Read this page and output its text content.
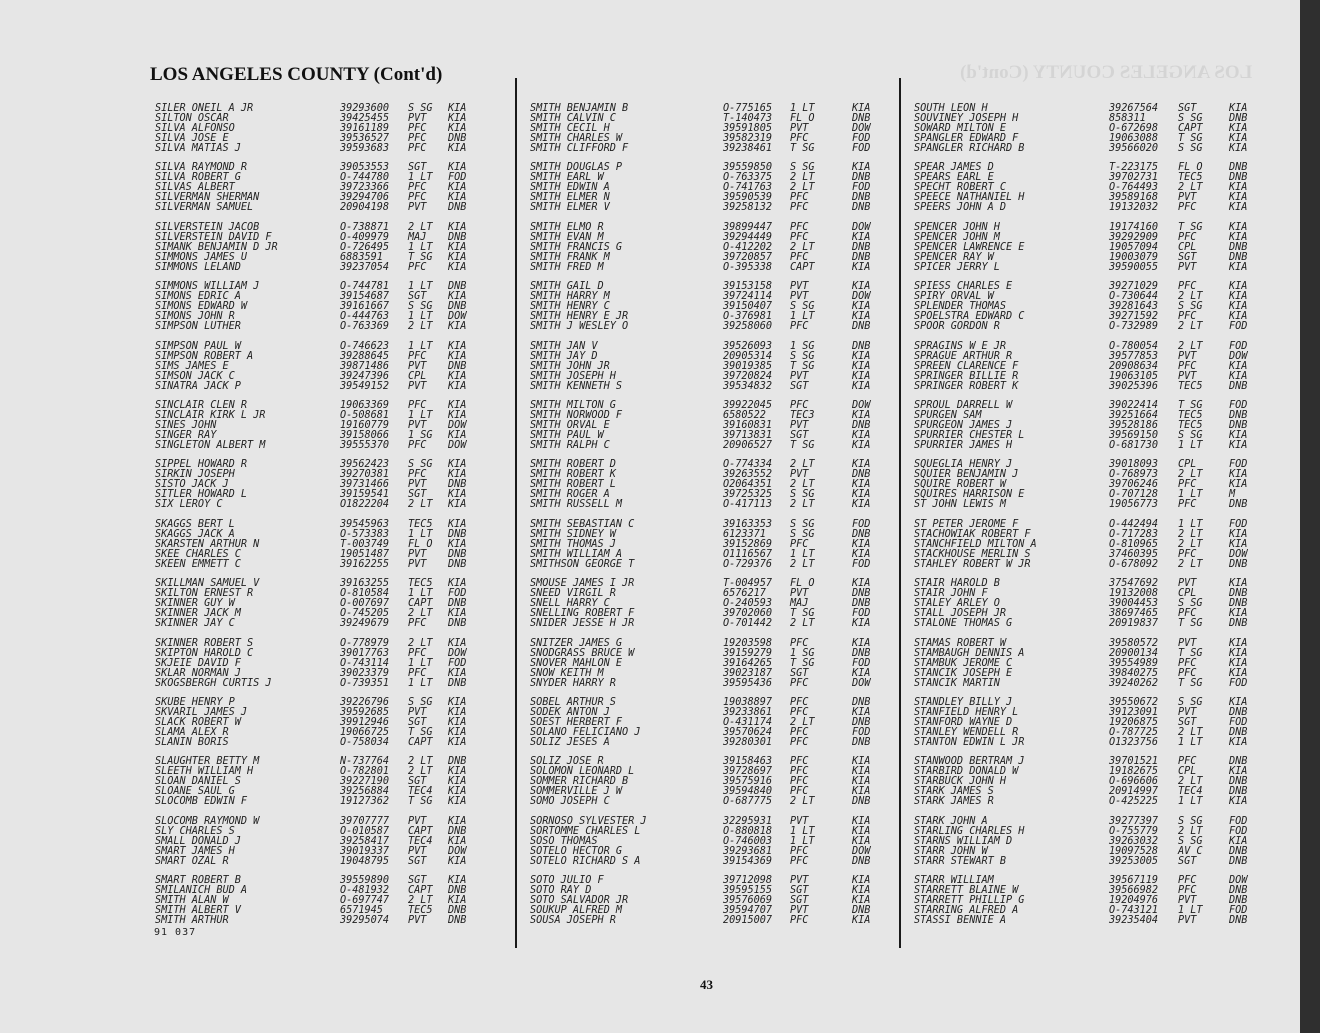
LOS ANGELES COUNTY (Cont'd)
LOS ANGELES COUNTY (Cont'd)
SILER ONEIL A JR	39293600 S SG KIA
SILTON OSCAR	39425455 PVT KIA
SILVA ALFONSO	39161189 PFC KIA
SILVA JOSE E	39536527 PFC DNB
SILVA MATIAS J	39593683 PFC KIA
SILVA RAYMOND R	39053553 SGT KIA
SILVA ROBERT G	O-744780 1 LT FOD
SILVAS ALBERT	39723366 PFC KIA
SILVERMAN SHERMAN	39294706 PFC KIA
SILVERMAN SAMUEL	20904198 PVT DNB
SILVERSTEIN JACOB	O-738871 2 LT KIA
SILVERSTEIN DAVID F	O-409979 MAJ DNB
SIMANK BENJAMIN D JR	O-726495 1 LT KIA
SIMMONS JAMES U	6883591 T SG KIA
SIMMONS LELAND	39237054 PFC KIA
SIMMONS WILLIAM J	O-744781 1 LT DNB
SIMONS EDRIC A	39154687 SGT KIA
SIMONS EDWARD W	39161667 S SG DNB
SIMONS JOHN R	O-444763 1 LT DOW
SIMPSON LUTHER	O-763369 2 LT KIA
SIMPSON PAUL W	O-746623 1 LT KIA
SIMPSON ROBERT A	39288645 PFC KIA
SIMS JAMES E	39871486 PVT DNB
SIMSON JACK C	39247396 CPL KIA
SINATRA JACK P	39549152 PVT KIA
SINCLAIR CLEN R	19063369 PFC KIA
SINCLAIR KIRK L JR	O-508681 1 LT KIA
SINES JOHN	19160779 PVT DOW
SINGER RAY	39158066 1 SG KIA
SINGLETON ALBERT M	39555370 PFC DOW
SIPPEL HOWARD R	39562423 S SG KIA
SIRKIN JOSEPH	39270381 PFC KIA
SISTO JACK J	39731466 PVT DNB
SITLER HOWARD L	39159541 SGT KIA
SIX LEROY C	O1822204 2 LT KIA
SKAGGS BERT L	39545963 TEC5 KIA
SKAGGS JACK A	O-573383 1 LT DNB
SKARSTEN ARTHUR N	T-003749 FL O KIA
SKEE CHARLES C	19051487 PVT DNB
SKEEN EMMETT C	39162255 PVT DNB
SKILLMAN SAMUEL V	39163255 TEC5 KIA
SKILTON ERNEST R	O-810584 1 LT FOD
SKINNER GUY W	O-007697 CAPT DNB
SKINNER JACK M	O-745205 2 LT KIA
SKINNER JAY C	39249679 PFC DNB
SKINNER ROBERT S	O-778979 2 LT KIA
SKIPTON HAROLD C	39017763 PFC DOW
SKJEIE DAVID F	O-743114 1 LT FOD
SKLAR NORMAN J	39023379 PFC KIA
SKOGSBERGH CURTIS J	O-739351 1 LT DNB
SKUBE HENRY P	39226796 S SG KIA
SKVARIL JAMES J	39592685 PVT KIA
SLACK ROBERT W	39912946 SGT KIA
SLAMA ALEX R	19066725 T SG KIA
SLANIN BORIS	O-758034 CAPT KIA
SLAUGHTER BETTY M	N-737764 2 LT DNB
SLEETH WILLIAM H	O-782801 2 LT KIA
SLOAN DANIEL S	39227190 SGT KIA
SLOANE SAUL G	39256884 TEC4 KIA
SLOCOMB EDWIN F	19127362 T SG KIA
SLOCOMB RAYMOND W	39707777 PVT KIA
SLY CHARLES S	O-010587 CAPT DNB
SMALL DONALD J	39258417 TEC4 KIA
SMART JAMES H	39019337 PVT DOW
SMART OZAL R	19048795 SGT KIA
SMART ROBERT B	39559890 SGT KIA
SMILANICH BUD A	O-481932 CAPT DNB
SMITH ALAN W	O-697747 2 LT KIA
SMITH ALBERT V	6571945 TEC5 DNB
SMITH ARTHUR	39295074 PVT DNB
SMITH BENJAMIN B	O-775165 1 LT	KIA
SMITH CALVIN C	T-140473 FL O	DNB
SMITH CECIL H	39591805 PVT	DOW
SMITH CHARLES W	39582319 PFC	FOD
SMITH CLIFFORD F	39238461 T SG	FOD
SMITH DOUGLAS P	39559850 S SG	KIA
SMITH EARL W	O-763375 2 LT	DNB
SMITH EDWIN A	O-741763 2 LT	FOD
SMITH ELMER N	39590539 PFC	DNB
SMITH ELMER V	39258132 PFC	DNB
SMITH ELMO R	39899447 PFC	DOW
SMITH EVAN M	39294449 PFC	KIA
SMITH FRANCIS G	O-412202 2 LT	DNB
SMITH FRANK M	39720857 PFC	DNB
SMITH FRED M	O-395338 CAPT	KIA
SMITH GAIL D	39153158 PVT	KIA
SMITH HARRY M	39724114 PVT	DOW
SMITH HENRY C	39150407 S SG	KIA
SMITH HENRY E JR	O-376981 1 LT	KIA
SMITH J WESLEY O	39258060 PFC	DNB
SMITH JAN V	39526093 1 SG	DNB
SMITH JAY D	20905314 S SG	KIA
SMITH JOHN JR	39019385 T SG	KIA
SMITH JOSEPH H	39720824 PVT	KIA
SMITH KENNETH S	39534832 SGT	KIA
SMITH MILTON G	39922045 PFC	DOW
SMITH NORWOOD F	6580522 TEC3	KIA
SMITH ORVAL E	39160831 PVT	DNB
SMITH PAUL W	39713831 SGT	KIA
SMITH RALPH C	20906527 T SG	KIA
SMITH ROBERT D	O-774334 2 LT	KIA
SMITH ROBERT K	39263552 PVT	DNB
SMITH ROBERT L	O2064351 2 LT	KIA
SMITH ROGER A	39725325 S SG	KIA
SMITH RUSSELL M	O-417113 2 LT	KIA
SMITH SEBASTIAN C	39163353 S SG	FOD
SMITH SIDNEY W	6123371 S SG	DNB
SMITH THOMAS J	39152869 PFC	KIA
SMITH WILLIAM A	O1116567 1 LT	KIA
SMITHSON GEORGE T	O-729376 2 LT	FOD
SMOUSE JAMES I JR	T-004957 FL O	KIA
SNEED VIRGIL R	6576217 PVT	DNB
SNELL HARRY C	O-240593 MAJ	DNB
SNELLING ROBERT F	39702060 T SG	FOD
SNIDER JESSE H JR	O-701442 2 LT	KIA
SNITZER JAMES G	19203598 PFC	KIA
SNODGRASS BRUCE W	39159279 1 SG	DNB
SNOVER MAHLON E	39164265 T SG	FOD
SNOW KEITH M	39023187 SGT	KIA
SNYDER HARRY R	39595436 PFC	DOW
SOBEL ARTHUR S	19038897 PFC	DNB
SODEK ANTON J	39233861 PFC	KIA
SOEST HERBERT F	O-431174 2 LT	DNB
SOLANO FELICIANO J	39570624 PFC	FOD
SOLIZ JESES A	39280301 PFC	DNB
SOLIZ JOSE R	39158463 PFC	KIA
SOLOMON LEONARD L	39728697 PFC	KIA
SOMMER RICHARD B	39575916 PFC	KIA
SOMMERVILLE J W	39594840 PFC	KIA
SOMO JOSEPH C	O-687775 2 LT	DNB
SORNOSO SYLVESTER J	32295931 PVT	KIA
SORTOMME CHARLES L	O-880818 1 LT	KIA
SOSO THOMAS	O-746003 1 LT	KIA
SOTELO HECTOR G	39293681 PFC	DOW
SOTELO RICHARD S A	39154369 PFC	DNB
SOTO JULIO F	39712098 PVT	KIA
SOTO RAY D	39595155 SGT	KIA
SOTO SALVADOR JR	39576069 SGT	KIA
SOUKUP ALFRED M	39594707 PVT	DNB
SOUSA JOSEPH R	20915007 PFC	KIA
SOUTH LEON H	39267564 SGT	KIA
SOUVINEY JOSEPH H	858311	S SG	DNB
SOWARD MILTON E	O-672698 CAPT	KIA
SPANGLER EDWARD F	19063088 T SG	KIA
SPANGLER RICHARD B	39566020 S SG	KIA
SPEAR JAMES D	T-223175 FL O	DNB
SPEARS EARL E	39702731 TEC5	DNB
SPECHT ROBERT C	O-764493 2 LT	KIA
SPEECE NATHANIEL H	39589168 PVT	KIA
SPEERS JOHN A D	19132032 PFC	KIA
SPENCER JOHN H	19174160 T SG	KIA
SPENCER JOHN M	39292909 PFC	KIA
SPENCER LAWRENCE E	19057094 CPL	DNB
SPENCER RAY W	19003079 SGT	DNB
SPICER JERRY L	39590055 PVT	KIA
SPIESS CHARLES E	39271029 PFC	KIA
SPIRY ORVAL W	O-730644 2 LT	KIA
SPLENDER THOMAS	39281643 S SG	KIA
SPOELSTRA EDWARD C	39271592 PFC	KIA
SPOOR GORDON R	O-732989 2 LT	FOD
SPRAGINS W E JR	O-780054 2 LT	FOD
SPRAGUE ARTHUR R	39577853 PVT	DOW
SPREEN CLARENCE F	20908634 PFC	KIA
SPRINGER BILLIE R	19063105 PVT	KIA
SPRINGER ROBERT K	39025396 TEC5	DNB
SPROUL DARRELL W	39022414 T SG	FOD
SPURGEN SAM	39251664 TEC5	DNB
SPURGEON JAMES J	39528186 TEC5	DNB
SPURRIER CHESTER L	39569150 S SG	KIA
SPURRIER JAMES H	O-681730 1 LT	KIA
SQUEGLIA HENRY J	39018093 CPL	FOD
SQUIER BENJAMIN J	O-768973 2 LT	KIA
SQUIRE ROBERT W	39706246 PFC	KIA
SQUIRES HARRISON E	O-707128 1 LT	M
ST JOHN LEWIS M	19056773 PFC	DNB
ST PETER JEROME F	O-442494 1 LT	FOD
STACHOWIAK ROBERT F	O-717283 2 LT	KIA
STANCHFIELD MILTON A	O-810965 2 LT	KIA
STACKHOUSE MERLIN S	37460395 PFC	DOW
STAHLEY ROBERT W JR	O-678092 2 LT	DNB
STAIR HAROLD B	37547692 PVT	KIA
STAIR JOHN F	19132008 CPL	DNB
STALEY ARLEY O	39004453 S SG	DNB
STALL JOSEPH JR	38697465 PFC	KIA
STALONE THOMAS G	20919837 T SG	DNB
STAMAS ROBERT W	39580572 PVT	KIA
STAMBAUGH DENNIS A	20900134 T SG	KIA
STAMBUK JEROME C	39554989 PFC	KIA
STANCIK JOSEPH E	39840275 PFC	KIA
STANCIK MARTIN	39240262 T SG	FOD
STANDLEY BILLY J	39550672 S SG	KIA
STANFIELD HENRY L	39123091 PVT	DNB
STANFORD WAYNE D	19206875 SGT	FOD
STANLEY WENDELL R	O-787725 2 LT	DNB
STANTON EDWIN L JR	O1323756 1 LT	KIA
STANWOOD BERTRAM J	39701521 PFC	DNB
STARBIRD DONALD W	19182675 CPL	KIA
STARBUCK JOHN H	O-696606 2 LT	DNB
STARK JAMES S	20914997 TEC4	DNB
STARK JAMES R	O-425225 1 LT	KIA
STARK JOHN A	39277397 S SG	FOD
STARLING CHARLES H	O-755779 2 LT	FOD
STARNS WILLIAM D	39263032 S SG	KIA
STARR JOHN W	19097528 AV C	DNB
STARR STEWART B	39253005 SGT	DNB
STARR WILLIAM	39567119 PFC	DOW
STARRETT BLAINE W	39566982 PFC	DNB
STARRETT PHILLIP G	19204976 PVT	DNB
STARRING ALFRED A	O-743121 1 LT	FOD
STASSI BENNIE A	39235404 PVT	DNB
91 037
43
